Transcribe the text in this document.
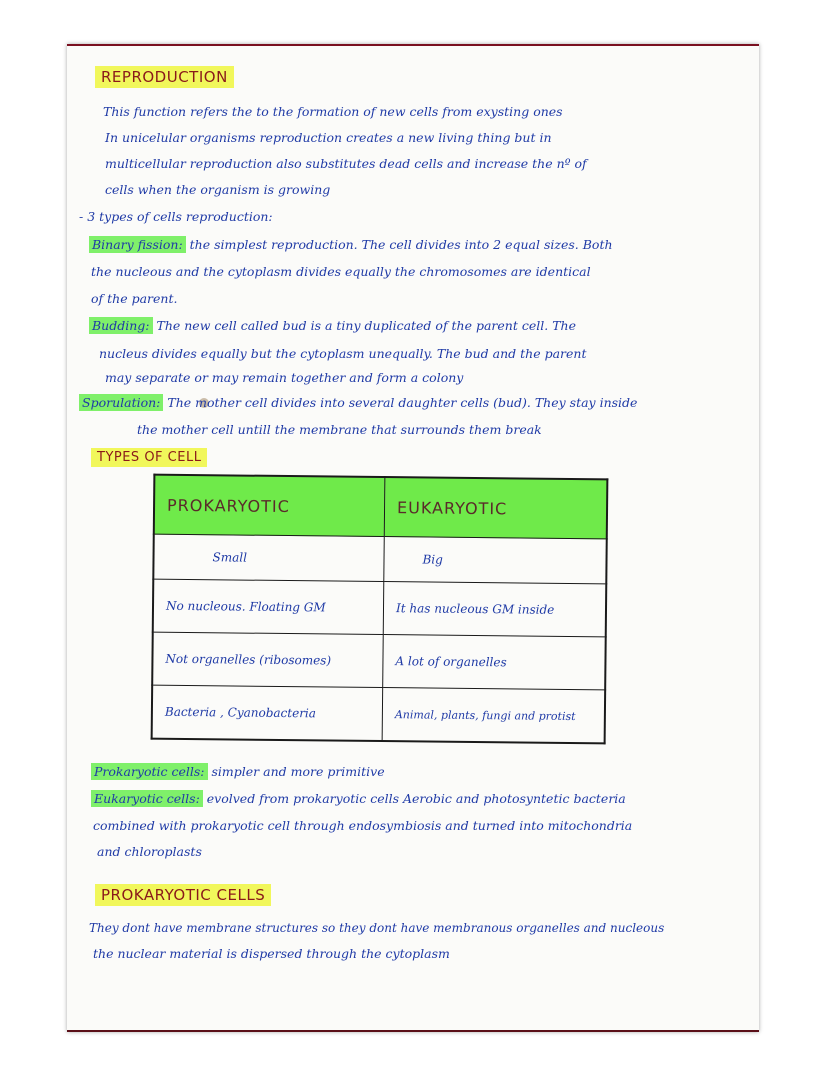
REPRODUCTION
This function refers the to the formation of new cells from exysting ones
In unicelular organisms reproduction creates a new living thing but in
multicellular reproduction also substitutes dead cells and increase the nº of
cells when the organism is growing
- 3 types of cells reproduction:
Binary fission: the simplest reproduction. The cell divides into 2 equal sizes. Both
the nucleous and the cytoplasm divides equally the chromosomes are identical
of the parent.
Budding: The new cell called bud is a tiny duplicated of the parent cell. The
nucleus divides equally but the cytoplasm unequally. The bud and the parent
may separate or may remain together and form a colony
Sporulation: The mother cell divides into several daughter cells (bud). They stay inside
the mother cell untill the membrane that surrounds them break
TYPES OF CELL
PROKARYOTIC	EUKARYOTIC
Small	Big
No nucleous. Floating GM	It has nucleous GM inside
Not organelles (ribosomes)	A lot of organelles
Bacteria , Cyanobacteria	Animal, plants, fungi and protist
Prokaryotic cells: simpler and more primitive
Eukaryotic cells: evolved from prokaryotic cells Aerobic and photosyntetic bacteria
combined with prokaryotic cell through endosymbiosis and turned into mitochondria
and chloroplasts
PROKARYOTIC CELLS
They dont have membrane structures so they dont have membranous organelles and nucleous
the nuclear material is dispersed through the cytoplasm
